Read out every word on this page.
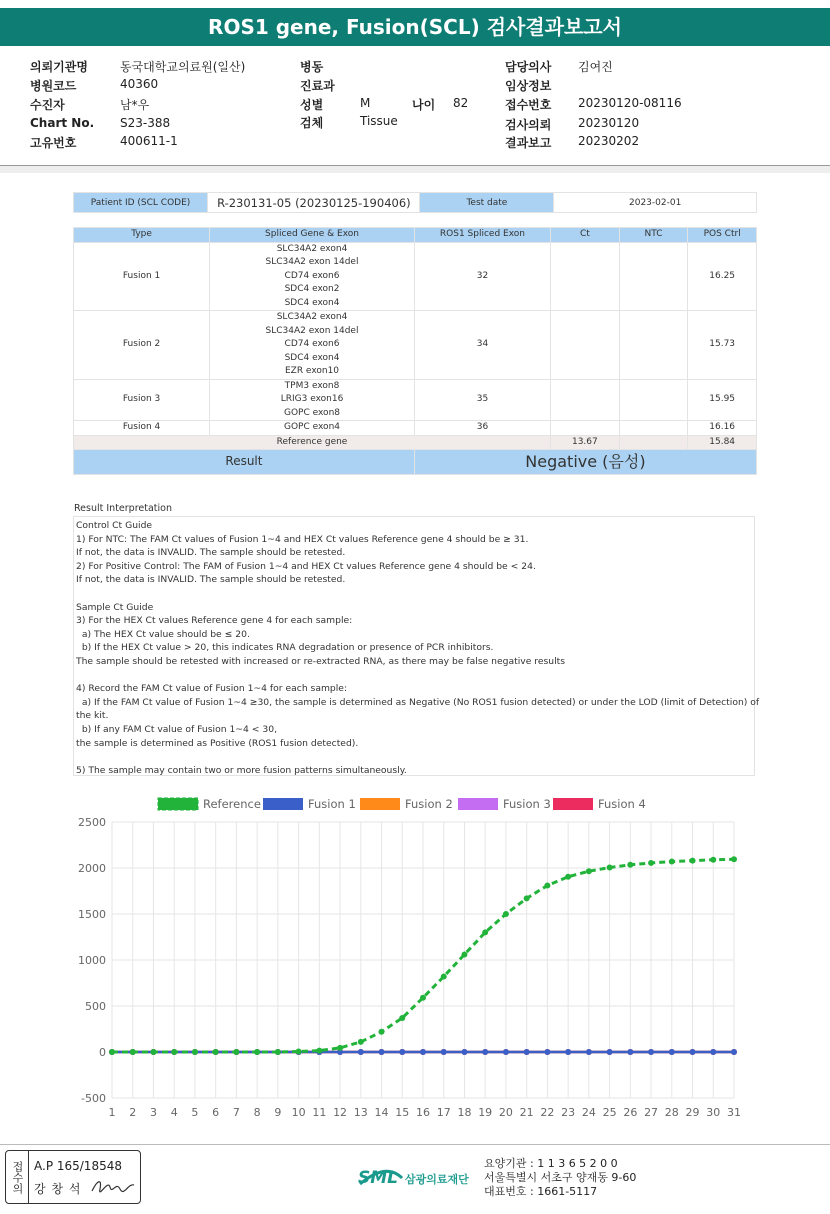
ROS1 gene, Fusion(SCL) 검사결과보고서
의뢰기관명	동국대학교의료원(일산)
병원코드	40360
수진자	남*우
Chart No. S23-388
고유번호	400611-1
병동
진료과
성별	M	나이 82
검체	Tissue
담당의사 김여진
임상정보
접수번호 20230120-08116
검사의뢰 20230120
결과보고 20230202
Patient ID (SCL CODE)	R-230131-05 (20230125-190406)	Test date	2023-02-01
Type	Spliced Gene & Exon	ROS1 Spliced Exon	Ct	NTC	POS Ctrl
Fusion 1	SLC34A2 exon4
SLC34A2 exon 14del
CD74 exon6
SDC4 exon2
SDC4 exon4	32			16.25
Fusion 2	SLC34A2 exon4
SLC34A2 exon 14del
CD74 exon6
SDC4 exon4
EZR exon10	34			15.73
Fusion 3	TPM3 exon8
LRIG3 exon16
GOPC exon8	35			15.95
Fusion 4	GOPC exon4	36			16.16
Reference gene			13.67		15.84
Result		Negative (음성)			
Result Interpretation
Control Ct Guide
1) For NTC: The FAM Ct values of Fusion 1~4 and HEX Ct values Reference gene 4 should be ≥ 31.
If not, the data is INVALID. The sample should be retested.
2) For Positive Control: The FAM of Fusion 1~4 and HEX Ct values Reference gene 4 should be < 24.
If not, the data is INVALID. The sample should be retested.
Sample Ct Guide
3) For the HEX Ct values Reference gene 4 for each sample:
a) The HEX Ct value should be ≤ 20.
b) If the HEX Ct value > 20, this indicates RNA degradation or presence of PCR inhibitors.
The sample should be retested with increased or re-extracted RNA, as there may be false negative results
4) Record the FAM Ct value of Fusion 1~4 for each sample:
a) If the FAM Ct value of Fusion 1~4 ≥30, the sample is determined as Negative (No ROS1 fusion detected) or under the LOD (limit of Detection) of
the kit.
b) If any FAM Ct value of Fusion 1~4 < 30,
the sample is determined as Positive (ROS1 fusion detected).
5) The sample may contain two or more fusion patterns simultaneously.
-500
0
500
1000
1500
2000
2500
1 2 3 4 5 6 7 8 9 10 11 12 13 14 15 16 17 18 19 20 21 22 23 24 25 26 27 28 29 30 31
Reference	Fusion 1	Fusion 2	Fusion 3	Fusion 4
접수의 A.P 165/18548
강 창 석
SML 삼광의료재단
요양기관 : 1 1 3 6 5 2 0 0
서울특별시 서초구 양재동 9-60
대표번호 : 1661-5117
